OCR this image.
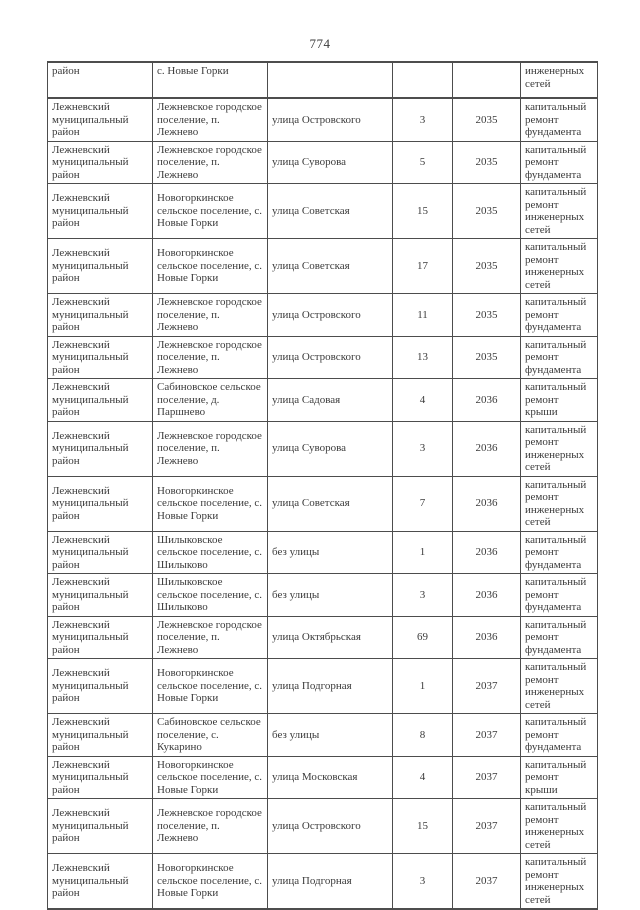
774
район	с. Новые Горки				инженерных сетей
Лежневский муниципальный район	Лежневское городское поселение, п. Лежнево	улица Островского	3	2035	капитальный ремонт фундамента
Лежневский муниципальный район	Лежневское городское поселение, п. Лежнево	улица Суворова	5	2035	капитальный ремонт фундамента
Лежневский муниципальный район	Новогоркинское сельское поселение, с. Новые Горки	улица Советская	15	2035	капитальный ремонт инженерных сетей
Лежневский муниципальный район	Новогоркинское сельское поселение, с. Новые Горки	улица Советская	17	2035	капитальный ремонт инженерных сетей
Лежневский муниципальный район	Лежневское городское поселение, п. Лежнево	улица Островского	11	2035	капитальный ремонт фундамента
Лежневский муниципальный район	Лежневское городское поселение, п. Лежнево	улица Островского	13	2035	капитальный ремонт фундамента
Лежневский муниципальный район	Сабиновское сельское поселение, д. Паршнево	улица Садовая	4	2036	капитальный ремонт крыши
Лежневский муниципальный район	Лежневское городское поселение, п. Лежнево	улица Суворова	3	2036	капитальный ремонт инженерных сетей
Лежневский муниципальный район	Новогоркинское сельское поселение, с. Новые Горки	улица Советская	7	2036	капитальный ремонт инженерных сетей
Лежневский муниципальный район	Шилыковское сельское поселение, с. Шилыково	без улицы	1	2036	капитальный ремонт фундамента
Лежневский муниципальный район	Шилыковское сельское поселение, с. Шилыково	без улицы	3	2036	капитальный ремонт фундамента
Лежневский муниципальный район	Лежневское городское поселение, п. Лежнево	улица Октябрьская	69	2036	капитальный ремонт фундамента
Лежневский муниципальный район	Новогоркинское сельское поселение, с. Новые Горки	улица Подгорная	1	2037	капитальный ремонт инженерных сетей
Лежневский муниципальный район	Сабиновское сельское поселение, с. Кукарино	без улицы	8	2037	капитальный ремонт фундамента
Лежневский муниципальный район	Новогоркинское сельское поселение, с. Новые Горки	улица Московская	4	2037	капитальный ремонт крыши
Лежневский муниципальный район	Лежневское городское поселение, п. Лежнево	улица Островского	15	2037	капитальный ремонт инженерных сетей
Лежневский муниципальный район	Новогоркинское сельское поселение, с. Новые Горки	улица Подгорная	3	2037	капитальный ремонт инженерных сетей
